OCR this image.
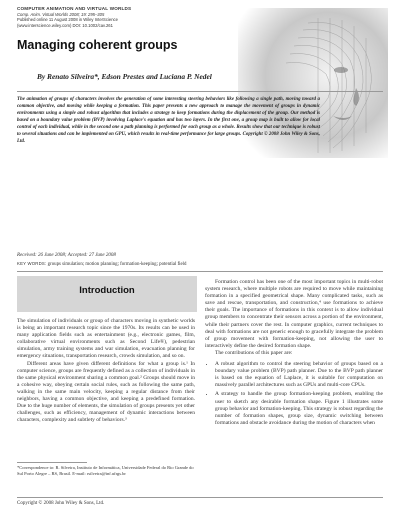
COMPUTER ANIMATION AND VIRTUAL WORLDS
Comp. Anim. Virtual Worlds 2008; 19: 295–305
Published online 11 August 2008 in Wiley InterScience
(www.interscience.wiley.com) DOI: 10.1002/cav.261
Managing coherent groups
By Renato Silveira*, Edson Prestes and Luciana P. Nedel

The animation of groups of characters involves the generation of some interesting steering behaviors like following a single path, moving toward a common objective, and moving while keeping a formation. This paper presents a new approach to manage the movement of groups in dynamic environments using a simple and robust algorithm that includes a strategy to keep formations during the displacement of the group. Our method is based on a boundary value problem (BVP) involving Laplace's equation and has two layers. In the first one, a group map is built to allow for local control of each individual, while in the second one a path planning is performed for each group as a whole. Results show that our technique is robust to several situations and can be implemented on GPU, which results in real-time performance for large groups. Copyright © 2008 John Wiley & Sons, Ltd.

Received: 26 June 2008; Accepted: 27 June 2008
KEY WORDS: groups simulation; motion planning; formation-keeping; potential field
Introduction

The simulation of individuals or group of characters moving in synthetic worlds is being an important research topic since the 1970s. Its results can be used in many application fields such as entertainment (e.g., electronic games, film, collaborative virtual environments such as Second Life®), pedestrian simulation, army training systems and war simulation, evacuation planning for emergency situations, transportation research, crowds simulation, and so on.

Different areas have given different definitions for what a group is.¹ In computer science, groups are frequently defined as a collection of individuals in the same physical environment sharing a common goal.² Groups should move in a cohesive way, obeying certain social rules, such as following the same path, walking in the same main velocity, keeping a regular distance from their neighbors, having a common objective, and keeping a predefined formation. Due to the huge number of elements, the simulation of groups presents yet other challenges, such as efficiency, management of dynamic interactions between characters, complexity and subtlety of behaviors.³

Formation control has been one of the most important topics in multi-robot system research, where multiple robots are required to move while maintaining formation in a specified geometrical shape. Many complicated tasks, such as save and rescue, transportation, and construction,⁴ use formations to achieve their goals. The importance of formations in this context is to allow individual group members to concentrate their sensors across a portion of the environment, while their partners cover the rest. In computer graphics, current techniques to deal with formations are not generic enough to gracefully integrate the problem of group movement with formation-keeping, not allowing the user to interactively define the desired formation shape.

The contributions of this paper are:

• A robust algorithm to control the steering behavior of groups based on a boundary value problem (BVP) path planner. Due to the BVP path planner is based on the equation of Laplace, it is suitable for computation on massively parallel architectures such as GPUs and multi-core CPUs.
• A strategy to handle the group formation-keeping problem, enabling the user to sketch any desirable formation shape. Figure 1 illustrates some group behavior and formation-keeping. This strategy is robust regarding the number of formation shapes, group size, dynamic switching between formations and obstacle avoidance during the motion of characters when

*Correspondence to: R. Silveira, Instituto de Informática, Universidade Federal do Rio Grande do Sul Porto Alegre – RS, Brasil. E-mail: rsilveira@inf.ufrgs.br

Copyright © 2008 John Wiley & Sons, Ltd.
